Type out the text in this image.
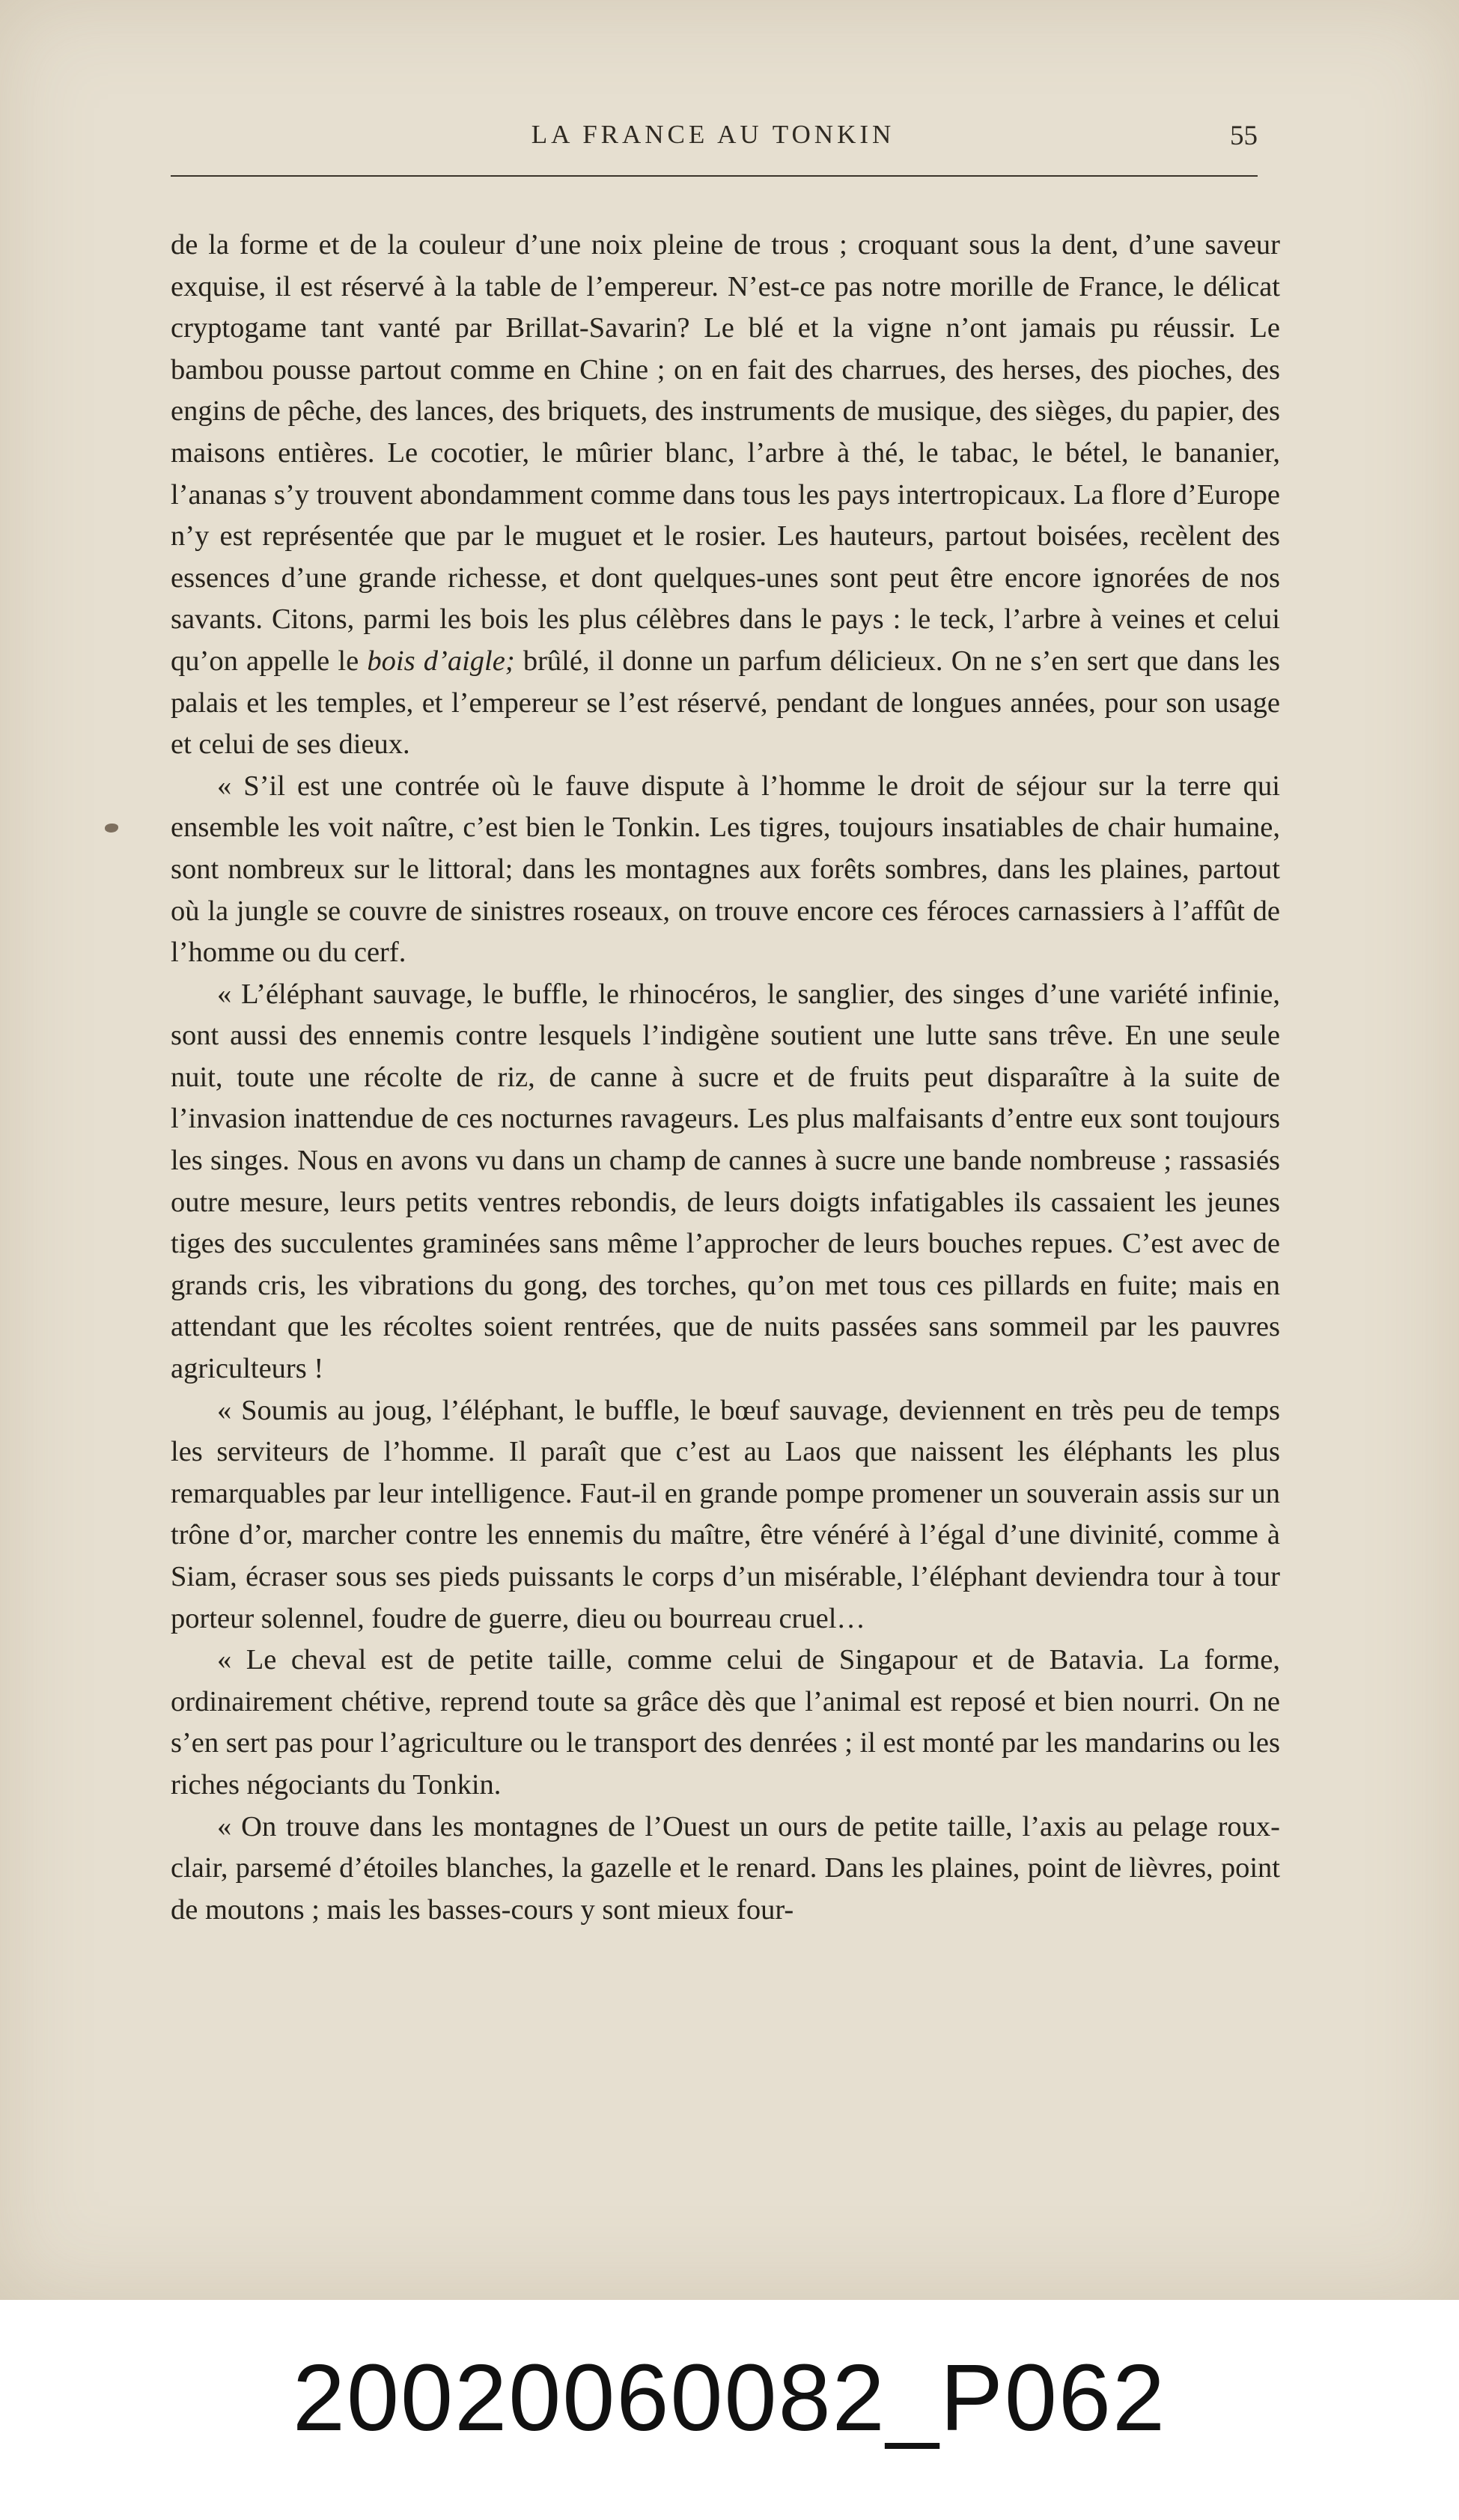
LA FRANCE AU TONKIN	55

de la forme et de la couleur d’une noix pleine de trous ; croquant sous la dent, d’une saveur exquise, il est réservé à la table de l’empereur. N’est-ce pas notre morille de France, le délicat cryptogame tant vanté par Brillat-Savarin? Le blé et la vigne n’ont jamais pu réussir. Le bambou pousse partout comme en Chine ; on en fait des charrues, des herses, des pioches, des engins de pêche, des lances, des briquets, des instruments de musique, des sièges, du papier, des maisons entières. Le cocotier, le mûrier blanc, l’arbre à thé, le tabac, le bétel, le bananier, l’ananas s’y trouvent abondamment comme dans tous les pays intertropicaux. La flore d’Europe n’y est représentée que par le muguet et le rosier. Les hauteurs, partout boisées, recèlent des essences d’une grande richesse, et dont quelques-unes sont peut être encore ignorées de nos savants. Citons, parmi les bois les plus célèbres dans le pays : le teck, l’arbre à veines et celui qu’on appelle le bois d’aigle; brûlé, il donne un parfum délicieux. On ne s’en sert que dans les palais et les temples, et l’empereur se l’est réservé, pendant de longues années, pour son usage et celui de ses dieux.

« S’il est une contrée où le fauve dispute à l’homme le droit de séjour sur la terre qui ensemble les voit naître, c’est bien le Tonkin. Les tigres, toujours insatiables de chair humaine, sont nombreux sur le littoral; dans les montagnes aux forêts sombres, dans les plaines, partout où la jungle se couvre de sinistres roseaux, on trouve encore ces féroces carnassiers à l’affût de l’homme ou du cerf.

« L’éléphant sauvage, le buffle, le rhinocéros, le sanglier, des singes d’une variété infinie, sont aussi des ennemis contre lesquels l’indigène soutient une lutte sans trêve. En une seule nuit, toute une récolte de riz, de canne à sucre et de fruits peut disparaître à la suite de l’invasion inattendue de ces nocturnes ravageurs. Les plus malfaisants d’entre eux sont toujours les singes. Nous en avons vu dans un champ de cannes à sucre une bande nombreuse ; rassasiés outre mesure, leurs petits ventres rebondis, de leurs doigts infatigables ils cassaient les jeunes tiges des succulentes graminées sans même l’approcher de leurs bouches repues. C’est avec de grands cris, les vibrations du gong, des torches, qu’on met tous ces pillards en fuite; mais en attendant que les récoltes soient rentrées, que de nuits passées sans sommeil par les pauvres agriculteurs !

« Soumis au joug, l’éléphant, le buffle, le bœuf sauvage, deviennent en très peu de temps les serviteurs de l’homme. Il paraît que c’est au Laos que naissent les éléphants les plus remarquables par leur intelligence. Faut-il en grande pompe promener un souverain assis sur un trône d’or, marcher contre les ennemis du maître, être vénéré à l’égal d’une divinité, comme à Siam, écraser sous ses pieds puissants le corps d’un misérable, l’éléphant deviendra tour à tour porteur solennel, foudre de guerre, dieu ou bourreau cruel…

« Le cheval est de petite taille, comme celui de Singapour et de Batavia. La forme, ordinairement chétive, reprend toute sa grâce dès que l’animal est reposé et bien nourri. On ne s’en sert pas pour l’agriculture ou le transport des denrées ; il est monté par les mandarins ou les riches négociants du Tonkin.

« On trouve dans les montagnes de l’Ouest un ours de petite taille, l’axis au pelage roux-clair, parsemé d’étoiles blanches, la gazelle et le renard. Dans les plaines, point de lièvres, point de moutons ; mais les basses-cours y sont mieux four-

20020060082_P062
